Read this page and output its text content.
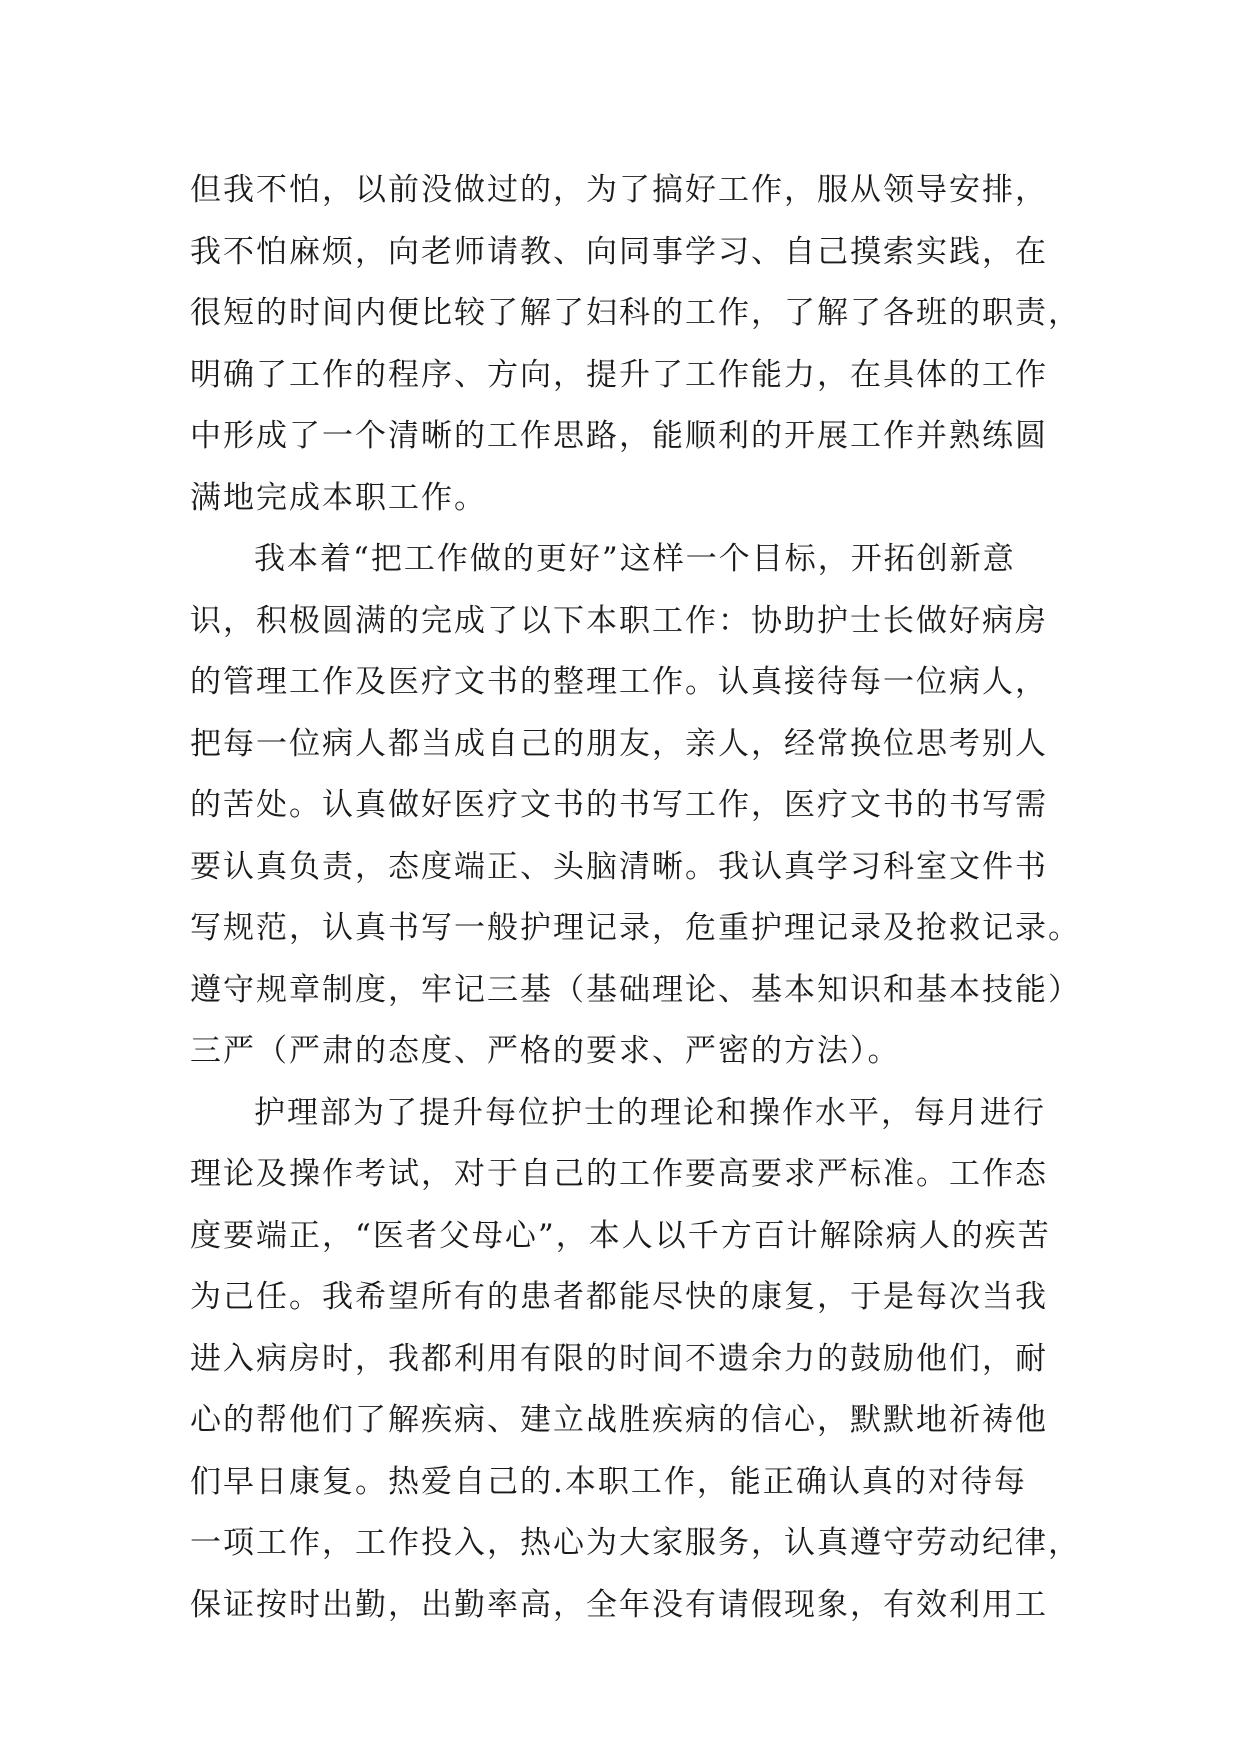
但我不怕，以前没做过的，为了搞好工作，服从领导安排，
我不怕麻烦，向老师请教、向同事学习、自己摸索实践，在
很短的时间内便比较了解了妇科的工作，了解了各班的职责，
明确了工作的程序、方向，提升了工作能力，在具体的工作
中形成了一个清晰的工作思路，能顺利的开展工作并熟练圆
满地完成本职工作。
我本着“把工作做的更好”这样一个目标，开拓创新意
识，积极圆满的完成了以下本职工作：协助护士长做好病房
的管理工作及医疗文书的整理工作。认真接待每一位病人，
把每一位病人都当成自己的朋友，亲人，经常换位思考别人
的苦处。认真做好医疗文书的书写工作，医疗文书的书写需
要认真负责，态度端正、头脑清晰。我认真学习科室文件书
写规范，认真书写一般护理记录，危重护理记录及抢救记录。
遵守规章制度，牢记三基（基础理论、基本知识和基本技能）
三严（严肃的态度、严格的要求、严密的方法）。
护理部为了提升每位护士的理论和操作水平，每月进行
理论及操作考试，对于自己的工作要高要求严标准。工作态
度要端正，“医者父母心”，本人以千方百计解除病人的疾苦
为己任。我希望所有的患者都能尽快的康复，于是每次当我
进入病房时，我都利用有限的时间不遗余力的鼓励他们，耐
心的帮他们了解疾病、建立战胜疾病的信心，默默地祈祷他
们早日康复。热爱自己的.本职工作，能正确认真的对待每
一项工作，工作投入，热心为大家服务，认真遵守劳动纪律，
保证按时出勤，出勤率高，全年没有请假现象，有效利用工
